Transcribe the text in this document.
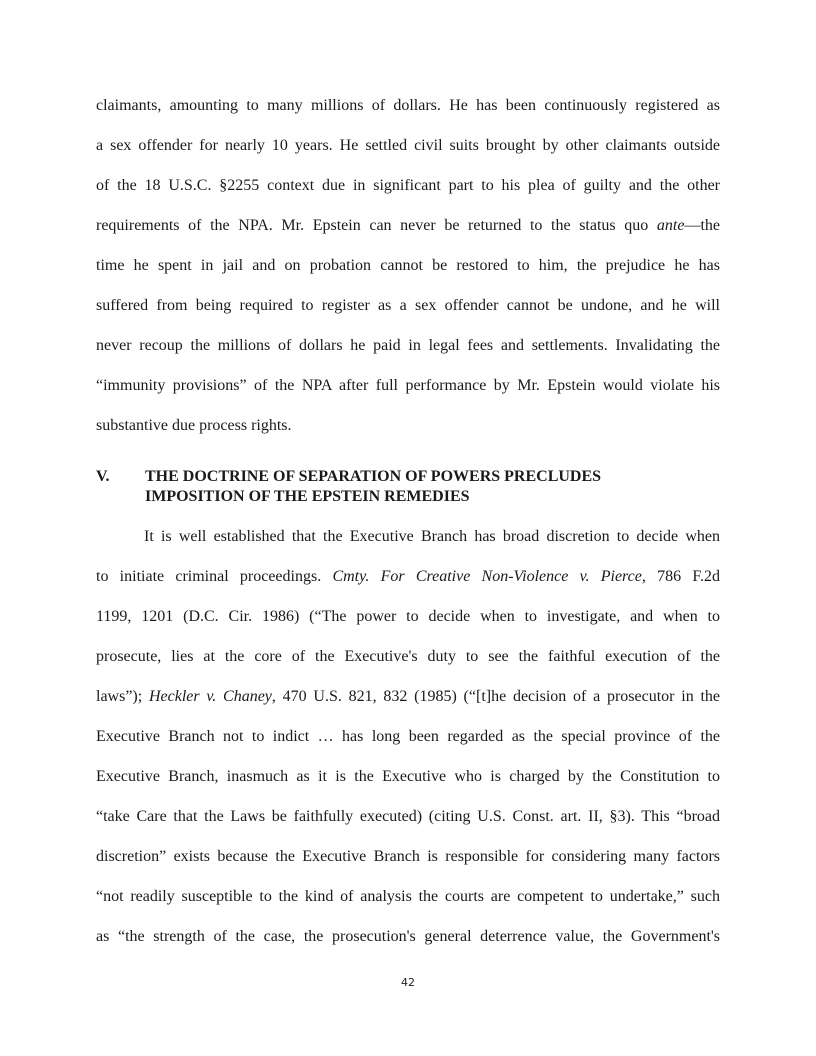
claimants, amounting to many millions of dollars. He has been continuously registered as
a sex offender for nearly 10 years. He settled civil suits brought by other claimants outside
of the 18 U.S.C. §2255 context due in significant part to his plea of guilty and the other
requirements of the NPA. Mr. Epstein can never be returned to the status quo ante—the
time he spent in jail and on probation cannot be restored to him, the prejudice he has
suffered from being required to register as a sex offender cannot be undone, and he will
never recoup the millions of dollars he paid in legal fees and settlements. Invalidating the
“immunity provisions” of the NPA after full performance by Mr. Epstein would violate his
substantive due process rights.
V. THE DOCTRINE OF SEPARATION OF POWERS PRECLUDES
IMPOSITION OF THE EPSTEIN REMEDIES
It is well established that the Executive Branch has broad discretion to decide when
to initiate criminal proceedings. Cmty. For Creative Non-Violence v. Pierce, 786 F.2d
1199, 1201 (D.C. Cir. 1986) (“The power to decide when to investigate, and when to
prosecute, lies at the core of the Executive's duty to see the faithful execution of the
laws”); Heckler v. Chaney, 470 U.S. 821, 832 (1985) (“[t]he decision of a prosecutor in the
Executive Branch not to indict … has long been regarded as the special province of the
Executive Branch, inasmuch as it is the Executive who is charged by the Constitution to
“take Care that the Laws be faithfully executed) (citing U.S. Const. art. II, §3). This “broad
discretion” exists because the Executive Branch is responsible for considering many factors
“not readily susceptible to the kind of analysis the courts are competent to undertake,” such
as “the strength of the case, the prosecution's general deterrence value, the Government's
42
